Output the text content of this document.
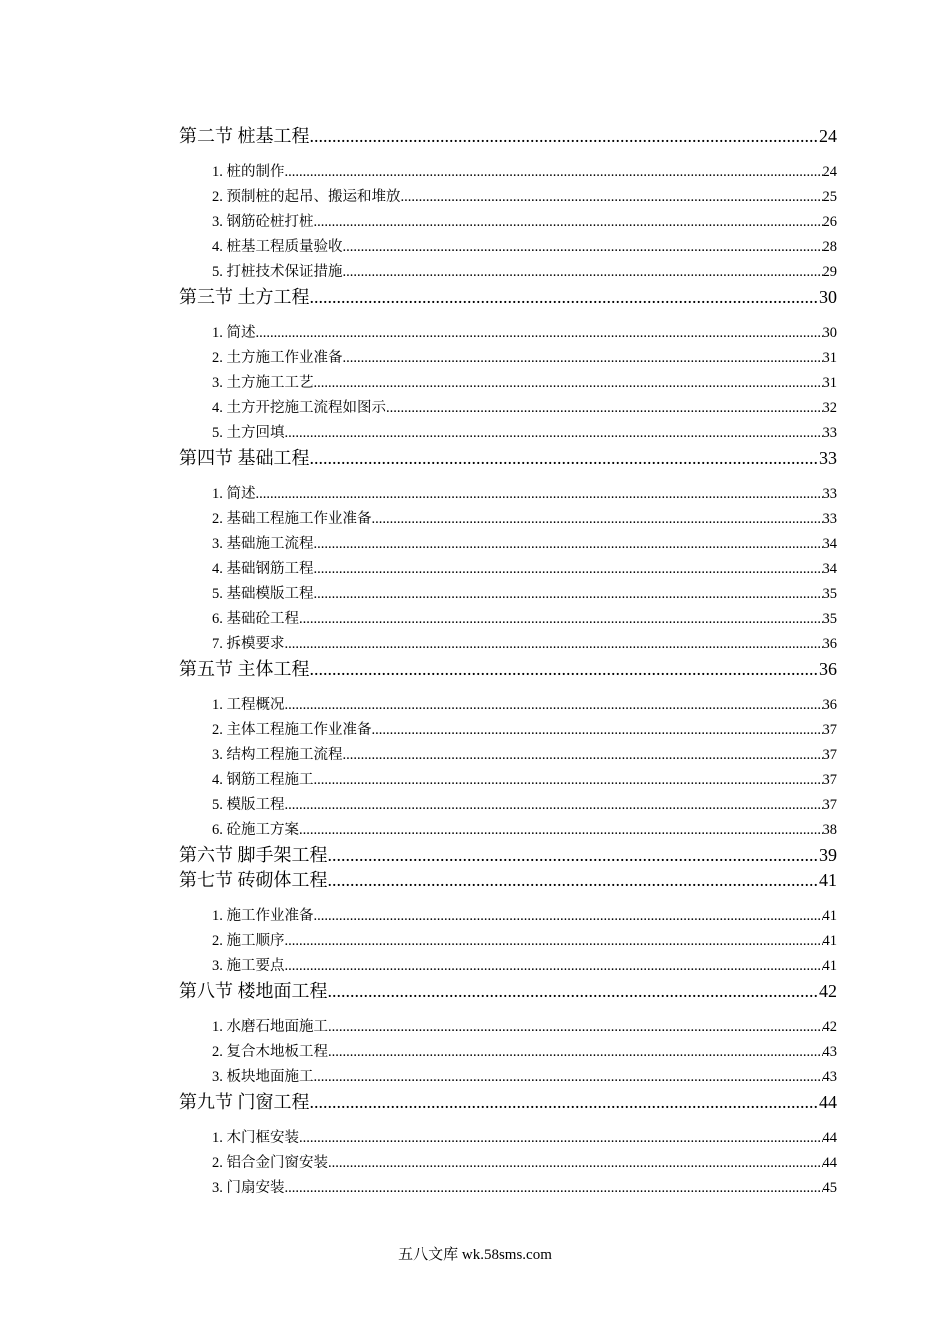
第二节 桩基工程 .....	24
1. 桩的制作 .....	24
2. 预制桩的起吊、搬运和堆放 .....	25
3. 钢筋砼桩打桩 .....	26
4. 桩基工程质量验收 .....	28
5. 打桩技术保证措施 .....	29
第三节 土方工程 .....	30
1. 简述 .....	30
2. 土方施工作业准备 .....	31
3. 土方施工工艺 .....	31
4. 土方开挖施工流程如图示 .....	32
5. 土方回填 .....	33
第四节 基础工程 .....	33
1. 简述 .....	33
2. 基础工程施工作业准备 .....	33
3. 基础施工流程 .....	34
4. 基础钢筋工程 .....	34
5. 基础模版工程 .....	35
6. 基础砼工程 .....	35
7. 拆模要求 .....	36
第五节 主体工程 .....	36
1. 工程概况 .....	36
2. 主体工程施工作业准备 .....	37
3. 结构工程施工流程 .....	37
4. 钢筋工程施工 .....	37
5. 模版工程 .....	37
6. 砼施工方案 .....	38
第六节 脚手架工程 .....	39
第七节 砖砌体工程 .....	41
1. 施工作业准备 .....	41
2. 施工顺序 .....	41
3. 施工要点 .....	41
第八节 楼地面工程 .....	42
1. 水磨石地面施工 .....	42
2. 复合木地板工程 .....	43
3. 板块地面施工 .....	43
第九节 门窗工程 .....	44
1. 木门框安装 .....	44
2. 铝合金门窗安装 .....	44
3. 门扇安装 .....	45
五八文库 wk.58sms.com
